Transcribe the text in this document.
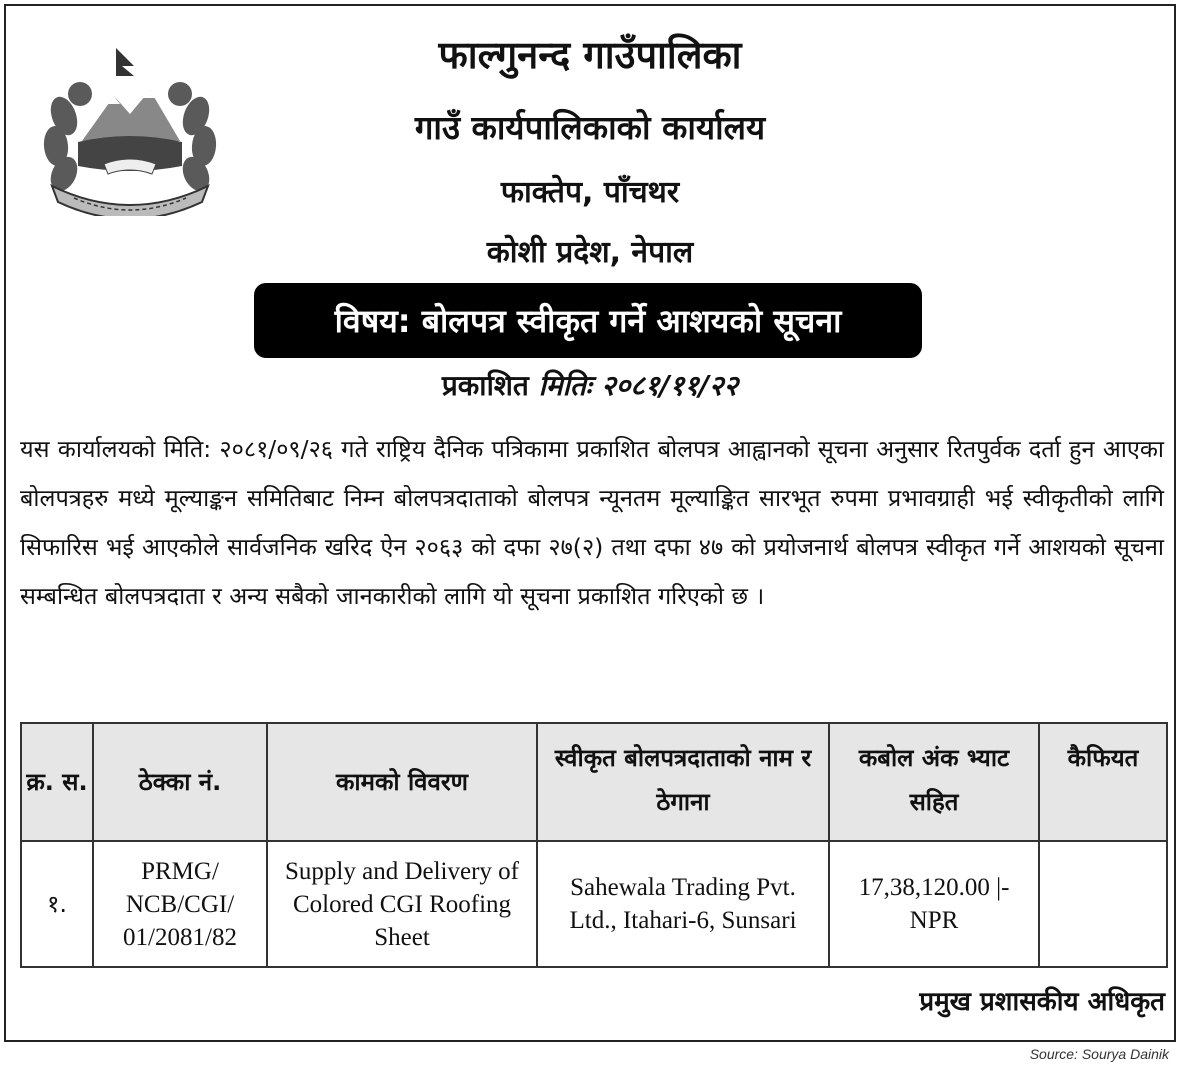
फाल्गुनन्द गाउँपालिका
गाउँ कार्यपालिकाको कार्यालय
फाक्तेप, पाँचथर
कोशी प्रदेश, नेपाल
विषय: बोलपत्र स्वीकृत गर्ने आशयको सूचना
प्रकाशित मितिः २०८१/११/२२
यस कार्यालयको मिति: २०८१/०९/२६ गते राष्ट्रिय दैनिक पत्रिकामा प्रकाशित बोलपत्र आह्वानको सूचना अनुसार रितपुर्वक दर्ता हुन आएका बोलपत्रहरु मध्ये मूल्याङ्कन समितिबाट निम्न बोलपत्रदाताको बोलपत्र न्यूनतम मूल्याङ्कित सारभूत रुपमा प्रभावग्राही भई स्वीकृतीको लागि सिफारिस भई आएकोले सार्वजनिक खरिद ऐन २०६३ को दफा २७(२) तथा दफा ४७ को प्रयोजनार्थ बोलपत्र स्वीकृत गर्ने आशयको सूचना सम्बन्धित बोलपत्रदाता र अन्य सबैको जानकारीको लागि यो सूचना प्रकाशित गरिएको छ ।
क्र. स.	ठेक्का नं.	कामको विवरण	स्वीकृत बोलपत्रदाताको नाम र ठेगाना	कबोल अंक भ्याट सहित	कैफियत
१.	PRMG/ NCB/CGI/ 01/2081/82	Supply and Delivery of Colored CGI Roofing Sheet	Sahewala Trading Pvt. Ltd., Itahari-6, Sunsari	17,38,120.00 |- NPR	
प्रमुख प्रशासकीय अधिकृत
Source: Sourya Dainik
